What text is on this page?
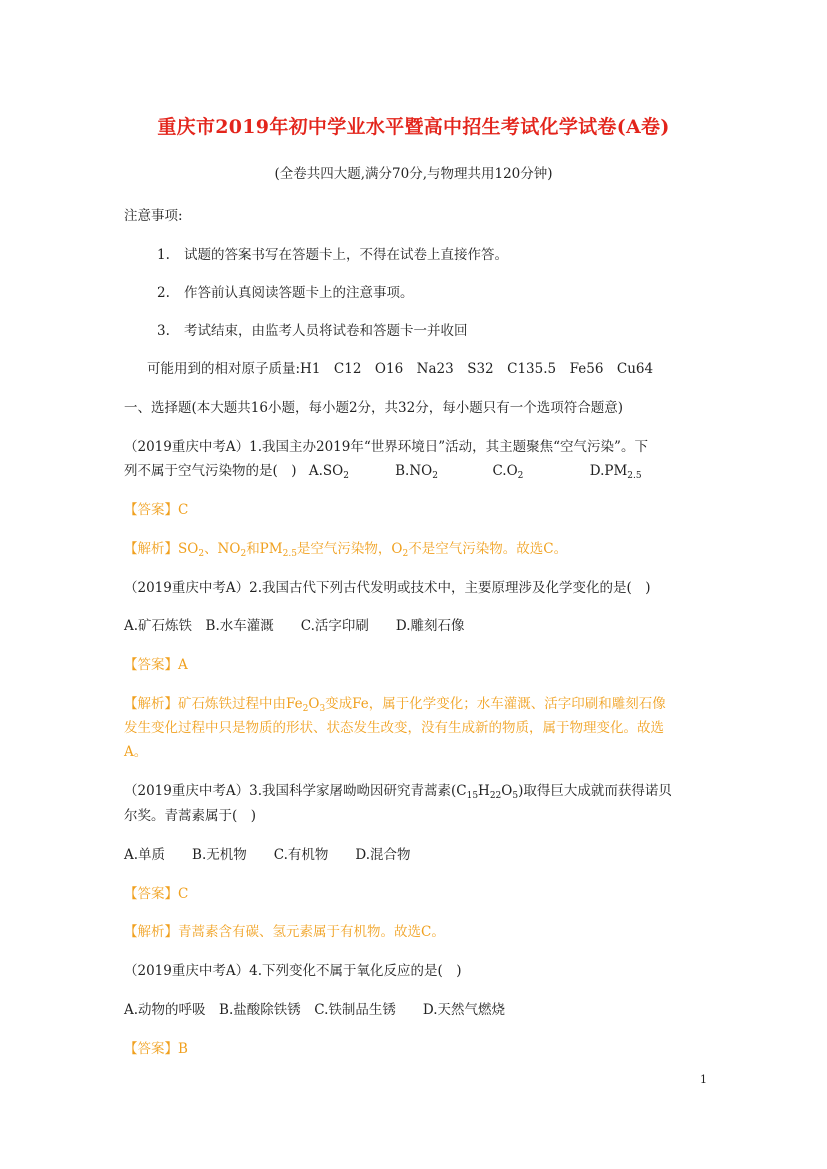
重庆市2019年初中学业水平暨高中招生考试化学试卷(A卷)
(全卷共四大题,满分70分,与物理共用120分钟)
注意事项:
1. 试题的答案书写在答题卡上，不得在试卷上直接作答。
2. 作答前认真阅读答题卡上的注意事项。
3. 考试结束，由监考人员将试卷和答题卡一并收回
可能用到的相对原子质量:H1　C12　O16　Na23　S32　C135.5　Fe56　Cu64
一、选择题(本大题共16小题，每小题2分，共32分，每小题只有一个选项符合题意)
（2019重庆中考A）1.我国主办2019年“世界环境日”活动，其主题聚焦“空气污染”。下
列不属于空气污染物的是(　) $A.SO_2$	$B.NO_2$	$C.O_2$	$D.PM_{2.5}$
【答案】C
【解析】$SO_2$、$NO_2$和$PM_{2.5}$是空气污染物，$O_2$不是空气污染物。故选C。
（2019重庆中考A）2.我国古代下列古代发明或技术中，主要原理涉及化学变化的是(　)
A.矿石炼铁　B.水车灌溉　　C.活字印刷　　D.雕刻石像
【答案】A
【解析】矿石炼铁过程中由$Fe_2O_3$变成Fe，属于化学变化；水车灌溉、活字印刷和雕刻石像
发生变化过程中只是物质的形状、状态发生改变，没有生成新的物质，属于物理变化。故选
A。
（2019重庆中考A）3.我国科学家屠呦呦因研究青蒿素$(C_{15}H_{22}O_5)$取得巨大成就而获得诺贝
尔奖。青蒿素属于(　)
A.单质　　B.无机物　　C.有机物　　D.混合物
【答案】C
【解析】青蒿素含有碳、氢元素属于有机物。故选C。
（2019重庆中考A）4.下列变化不属于氧化反应的是(　)
A.动物的呼吸　B.盐酸除铁锈　C.铁制品生锈　　D.天然气燃烧
【答案】B
1
